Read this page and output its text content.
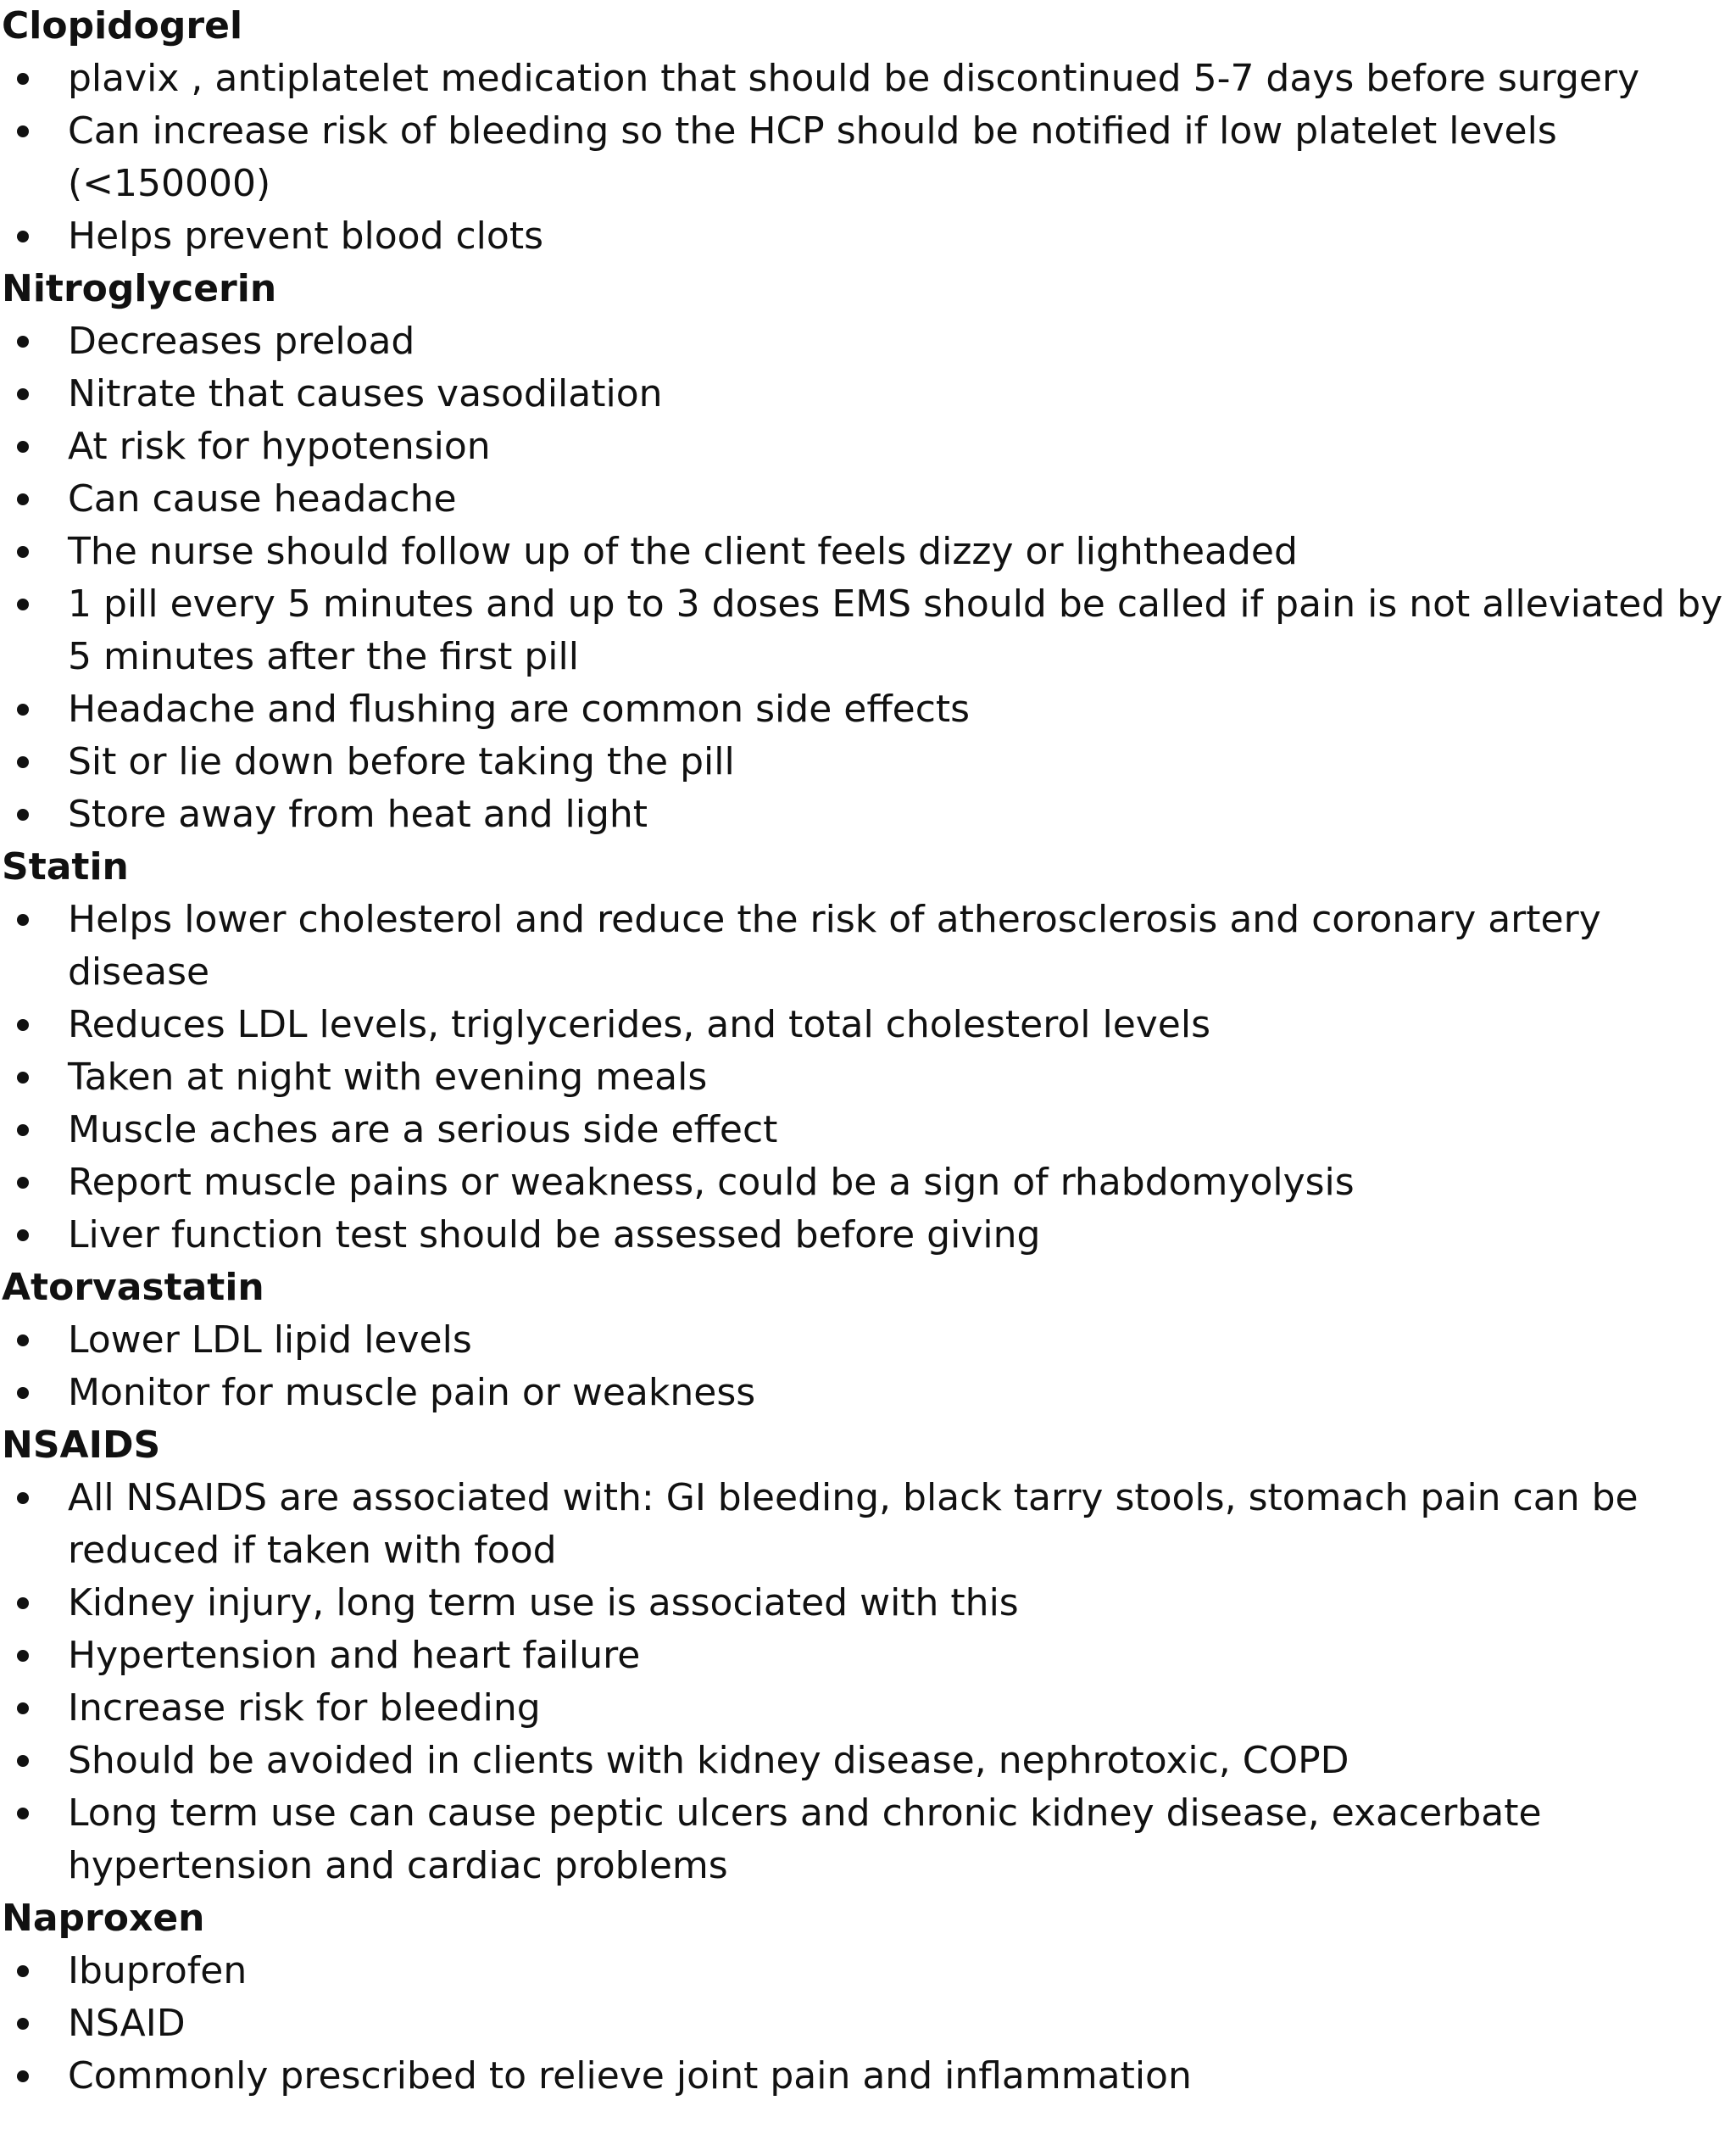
Clopidogrel
plavix , antiplatelet medication that should be discontinued 5-7 days before surgery
Can increase risk of bleeding so the HCP should be notified if low platelet levels (<150000)
Helps prevent blood clots
Nitroglycerin
Decreases preload
Nitrate that causes vasodilation
At risk for hypotension
Can cause headache
The nurse should follow up of the client feels dizzy or lightheaded
1 pill every 5 minutes and up to 3 doses EMS should be called if pain is not alleviated by 5 minutes after the first pill
Headache and flushing are common side effects
Sit or lie down before taking the pill
Store away from heat and light
Statin
Helps lower cholesterol and reduce the risk of atherosclerosis and coronary artery disease
Reduces LDL levels, triglycerides, and total cholesterol levels
Taken at night with evening meals
Muscle aches are a serious side effect
Report muscle pains or weakness, could be a sign of rhabdomyolysis
Liver function test should be assessed before giving
Atorvastatin
Lower LDL lipid levels
Monitor for muscle pain or weakness
NSAIDS
All NSAIDS are associated with: GI bleeding, black tarry stools, stomach pain can be reduced if taken with food
Kidney injury, long term use is associated with this
Hypertension and heart failure
Increase risk for bleeding
Should be avoided in clients with kidney disease, nephrotoxic, COPD
Long term use can cause peptic ulcers and chronic kidney disease, exacerbate hypertension and cardiac problems
Naproxen
Ibuprofen
NSAID
Commonly prescribed to relieve joint pain and inflammation
